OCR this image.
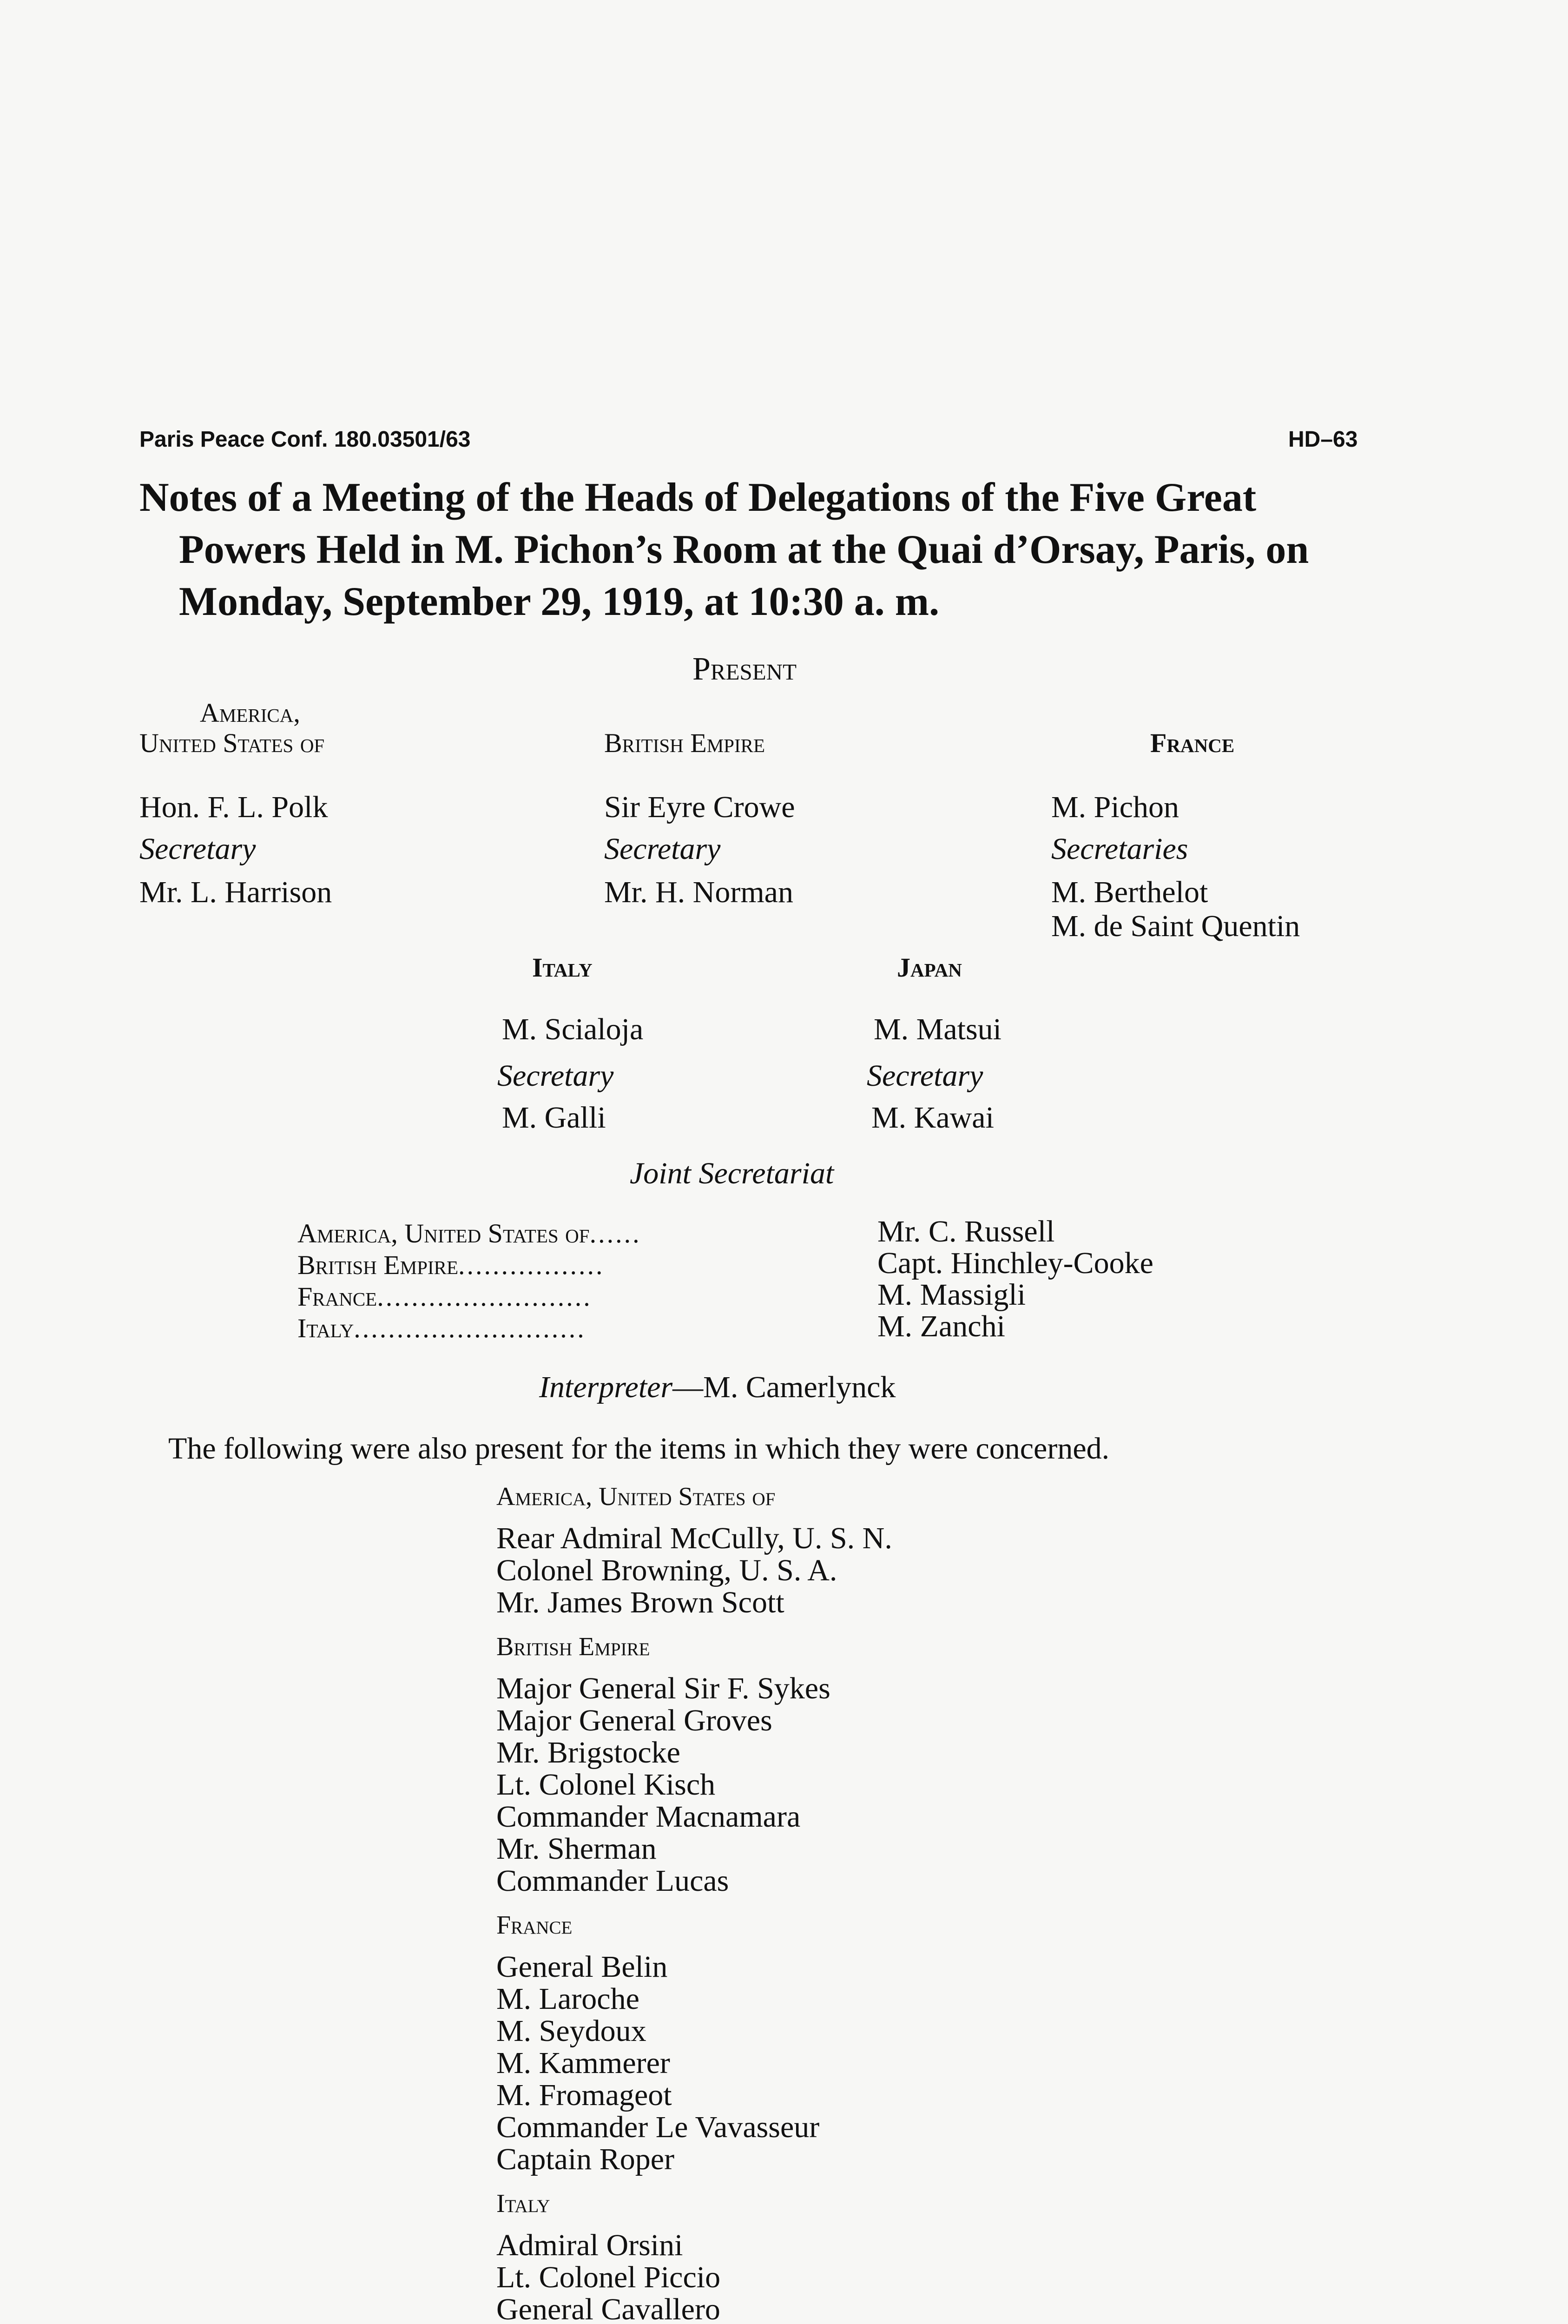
Paris Peace Conf. 180.03501/63	HD–63
Notes of a Meeting of the Heads of Delegations of the Five Great
Powers Held in M. Pichon’s Room at the Quai d’Orsay, Paris, on
Monday, September 29, 1919, at 10:30 a. m.
Present
America,
United States of
Hon. F. L. Polk
Secretary
Mr. L. Harrison
British Empire
Sir Eyre Crowe
Secretary
Mr. H. Norman
France
M. Pichon
Secretaries
M. Berthelot
M. de Saint Quentin
Italy
M. Scialoja
Secretary
M. Galli
Japan
M. Matsui
Secretary
M. Kawai
Joint Secretariat
America, United States of......	Mr. C. Russell
British Empire.................	Capt. Hinchley-Cooke
France.........................	M. Massigli
Italy...........................	M. Zanchi
Interpreter—M. Camerlynck
The following were also present for the items in which they were concerned.
America, United States of
Rear Admiral McCully, U. S. N.
Colonel Browning, U. S. A.
Mr. James Brown Scott
British Empire
Major General Sir F. Sykes
Major General Groves
Mr. Brigstocke
Lt. Colonel Kisch
Commander Macnamara
Mr. Sherman
Commander Lucas
France
General Belin
M. Laroche
M. Seydoux
M. Kammerer
M. Fromageot
Commander Le Vavasseur
Captain Roper
Italy
Admiral Orsini
Lt. Colonel Piccio
General Cavallero
